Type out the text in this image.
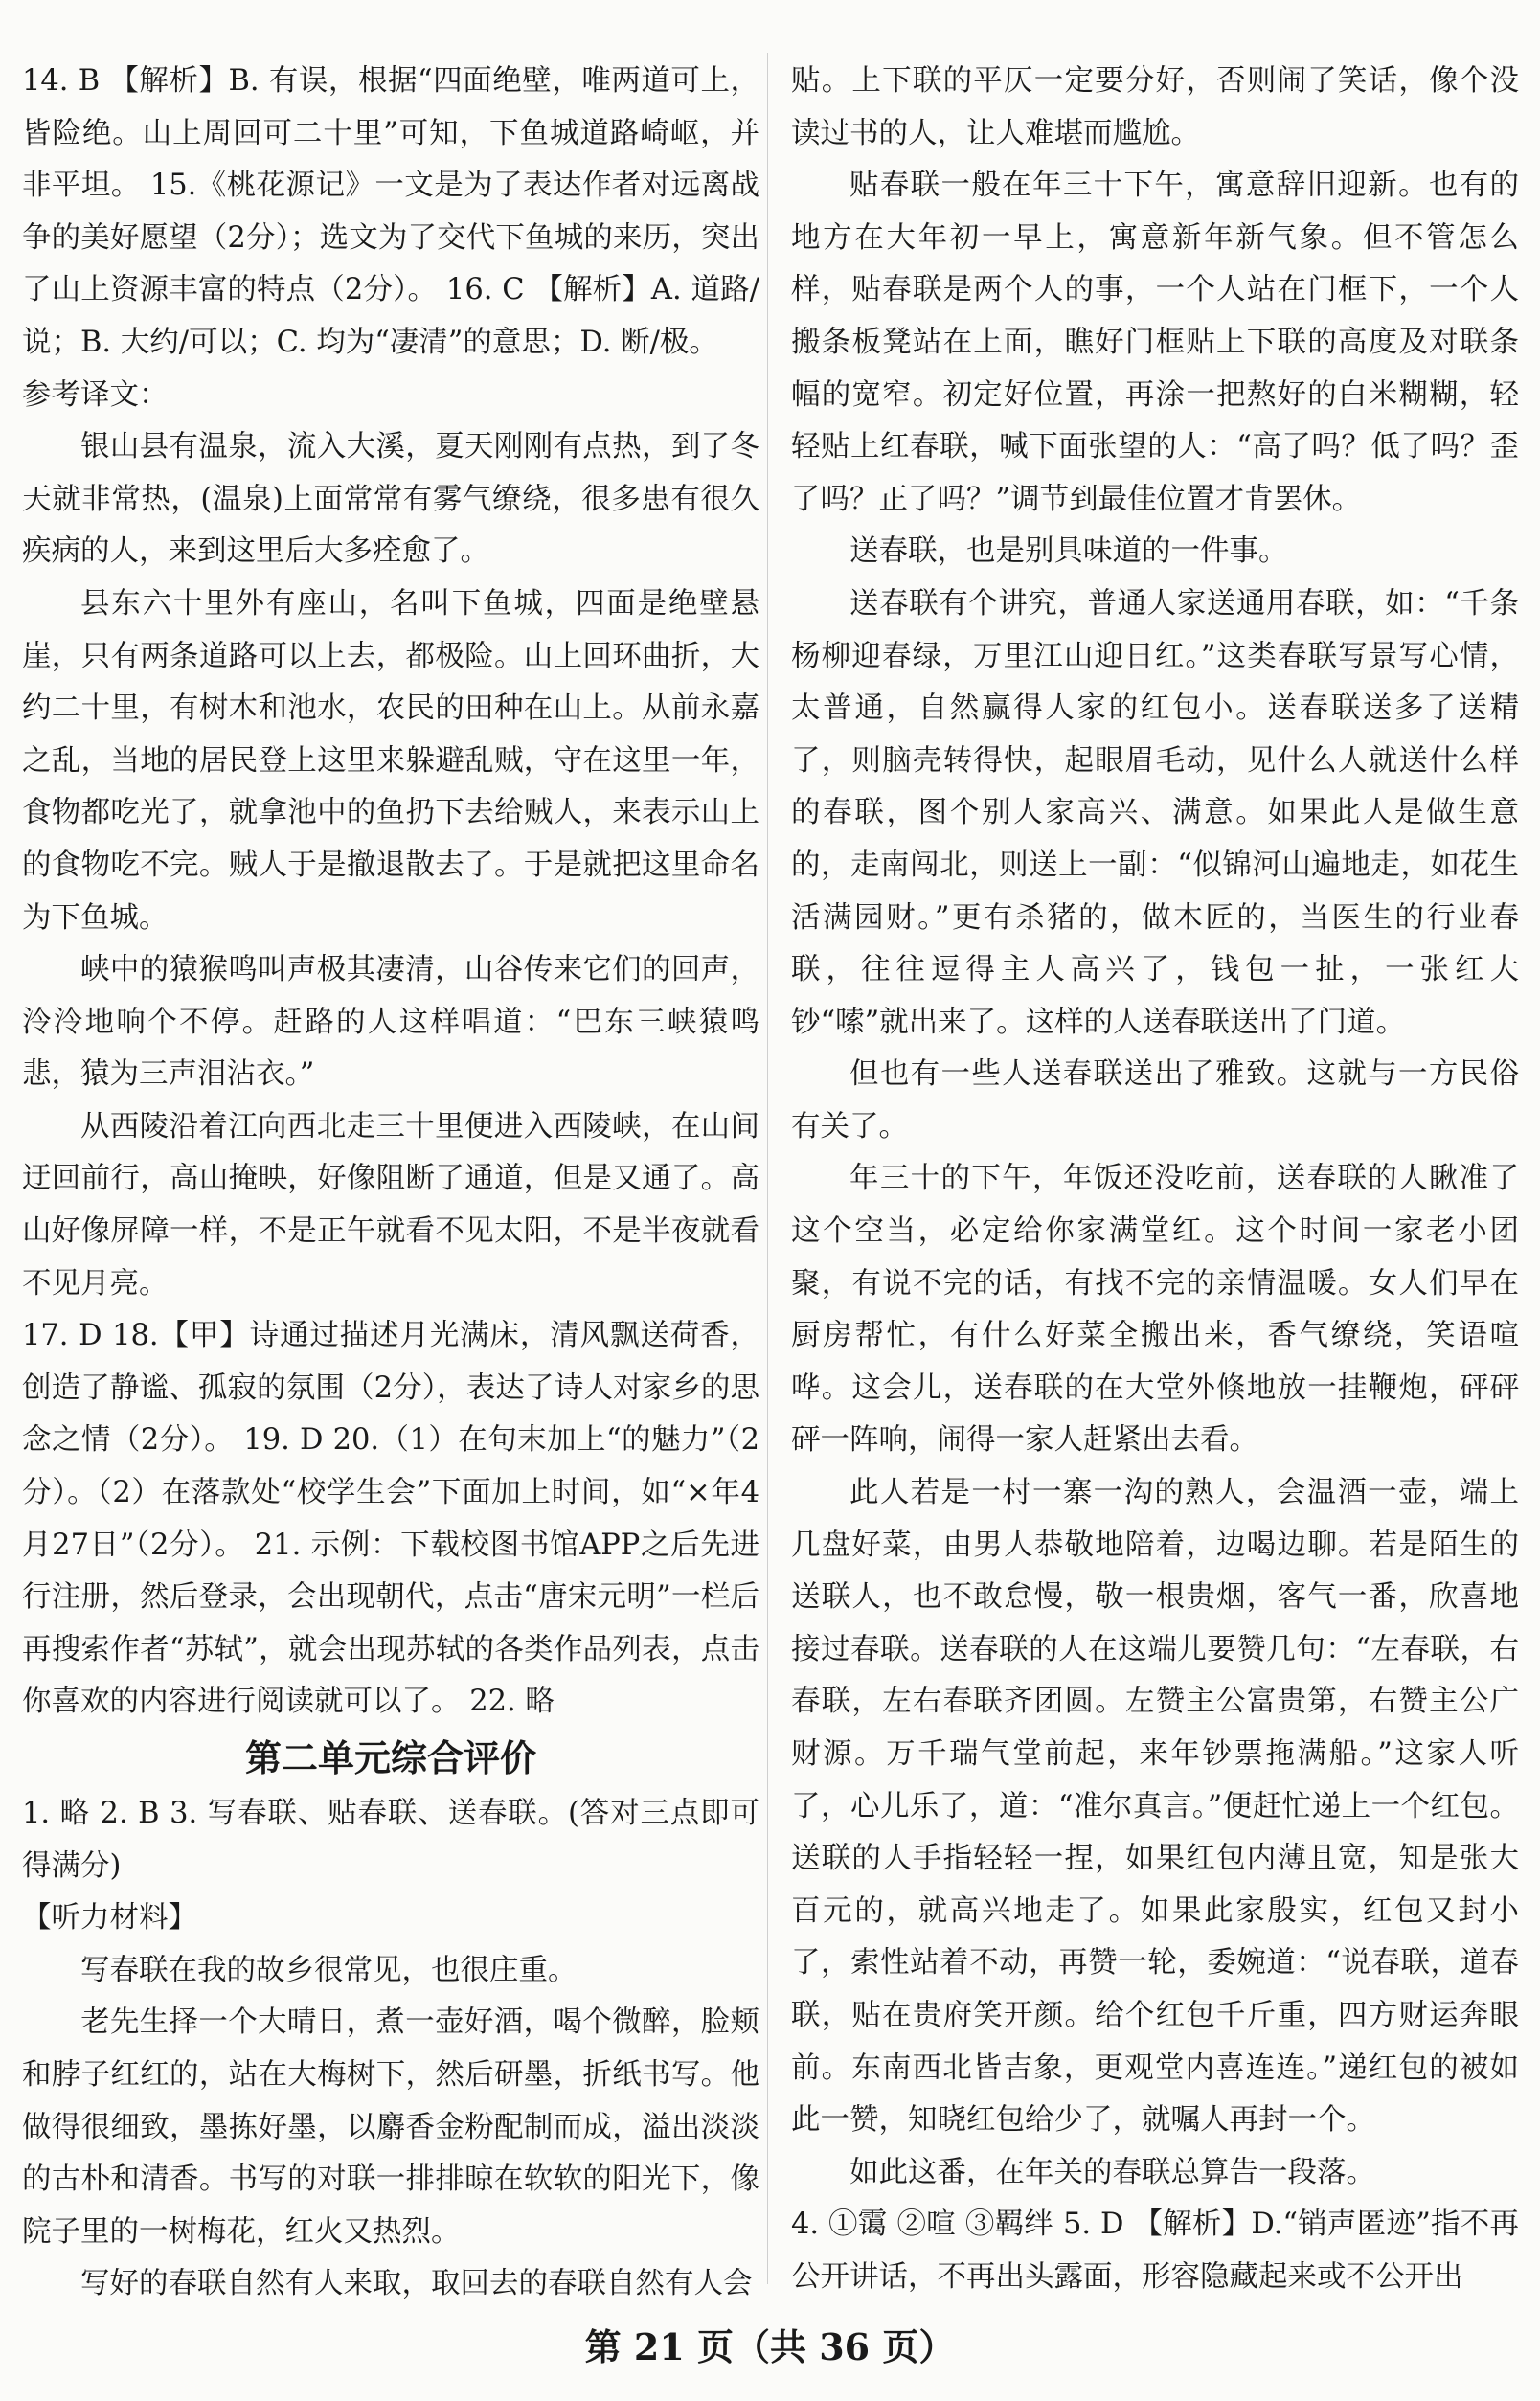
14. B 【解析】B. 有误，根据“四面绝壁，唯两道可上，皆险绝。山上周回可二十里”可知，下鱼城道路崎岖，并非平坦。 15.《桃花源记》一文是为了表达作者对远离战争的美好愿望（2分）；选文为了交代下鱼城的来历，突出了山上资源丰富的特点（2分）。 16. C 【解析】A. 道路/说；B. 大约/可以；C. 均为“凄清”的意思；D. 断/极。

参考译文：

银山县有温泉，流入大溪，夏天刚刚有点热，到了冬天就非常热，(温泉)上面常常有雾气缭绕，很多患有很久疾病的人，来到这里后大多痊愈了。

县东六十里外有座山，名叫下鱼城，四面是绝壁悬崖，只有两条道路可以上去，都极险。山上回环曲折，大约二十里，有树木和池水，农民的田种在山上。从前永嘉之乱，当地的居民登上这里来躲避乱贼，守在这里一年，食物都吃光了，就拿池中的鱼扔下去给贼人，来表示山上的食物吃不完。贼人于是撤退散去了。于是就把这里命名为下鱼城。

峡中的猿猴鸣叫声极其凄清，山谷传来它们的回声，泠泠地响个不停。赶路的人这样唱道：“巴东三峡猿鸣悲，猿为三声泪沾衣。”

从西陵沿着江向西北走三十里便进入西陵峡，在山间迂回前行，高山掩映，好像阻断了通道，但是又通了。高山好像屏障一样，不是正午就看不见太阳，不是半夜就看不见月亮。

17. D 18.【甲】诗通过描述月光满床，清风飘送荷香，创造了静谧、孤寂的氛围（2分），表达了诗人对家乡的思念之情（2分）。 19. D 20.（1）在句末加上“的魅力”（2分）。（2）在落款处“校学生会”下面加上时间，如“×年4月27日”（2分）。 21. 示例：下载校图书馆APP之后先进行注册，然后登录，会出现朝代，点击“唐宋元明”一栏后再搜索作者“苏轼”，就会出现苏轼的各类作品列表，点击你喜欢的内容进行阅读就可以了。 22. 略

第二单元综合评价

1. 略 2. B 3. 写春联、贴春联、送春联。(答对三点即可得满分)

【听力材料】

写春联在我的故乡很常见，也很庄重。

老先生择一个大晴日，煮一壶好酒，喝个微醉，脸颊和脖子红红的，站在大梅树下，然后研墨，折纸书写。他做得很细致，墨拣好墨，以麝香金粉配制而成，溢出淡淡的古朴和清香。书写的对联一排排晾在软软的阳光下，像院子里的一树梅花，红火又热烈。

写好的春联自然有人来取，取回去的春联自然有人会

贴。上下联的平仄一定要分好，否则闹了笑话，像个没读过书的人，让人难堪而尴尬。

贴春联一般在年三十下午，寓意辞旧迎新。也有的地方在大年初一早上，寓意新年新气象。但不管怎么样，贴春联是两个人的事，一个人站在门框下，一个人搬条板凳站在上面，瞧好门框贴上下联的高度及对联条幅的宽窄。初定好位置，再涂一把熬好的白米糊糊，轻轻贴上红春联，喊下面张望的人：“高了吗？低了吗？歪了吗？正了吗？”调节到最佳位置才肯罢休。

送春联，也是别具味道的一件事。

送春联有个讲究，普通人家送通用春联，如：“千条杨柳迎春绿，万里江山迎日红。”这类春联写景写心情，太普通，自然赢得人家的红包小。送春联送多了送精了，则脑壳转得快，起眼眉毛动，见什么人就送什么样的春联，图个别人家高兴、满意。如果此人是做生意的，走南闯北，则送上一副：“似锦河山遍地走，如花生活满园财。”更有杀猪的，做木匠的，当医生的行业春联，往往逗得主人高兴了，钱包一扯，一张红大钞“嗦”就出来了。这样的人送春联送出了门道。

但也有一些人送春联送出了雅致。这就与一方民俗有关了。

年三十的下午，年饭还没吃前，送春联的人瞅准了这个空当，必定给你家满堂红。这个时间一家老小团聚，有说不完的话，有找不完的亲情温暖。女人们早在厨房帮忙，有什么好菜全搬出来，香气缭绕，笑语喧哗。这会儿，送春联的在大堂外倏地放一挂鞭炮，砰砰砰一阵响，闹得一家人赶紧出去看。

此人若是一村一寨一沟的熟人，会温酒一壶，端上几盘好菜，由男人恭敬地陪着，边喝边聊。若是陌生的送联人，也不敢怠慢，敬一根贵烟，客气一番，欣喜地接过春联。送春联的人在这端儿要赞几句：“左春联，右春联，左右春联齐团圆。左赞主公富贵第，右赞主公广财源。万千瑞气堂前起，来年钞票拖满船。”这家人听了，心儿乐了，道：“准尔真言。”便赶忙递上一个红包。送联的人手指轻轻一捏，如果红包内薄且宽，知是张大百元的，就高兴地走了。如果此家殷实，红包又封小了，索性站着不动，再赞一轮，委婉道：“说春联，道春联，贴在贵府笑开颜。给个红包千斤重，四方财运奔眼前。东南西北皆吉象，更观堂内喜连连。”递红包的被如此一赞，知晓红包给少了，就嘱人再封一个。

如此这番，在年关的春联总算告一段落。

4. ①霭 ②喧 ③羁绊 5. D 【解析】D.“销声匿迹”指不再公开讲话，不再出头露面，形容隐藏起来或不公开出

第 21 页（共 36 页）
